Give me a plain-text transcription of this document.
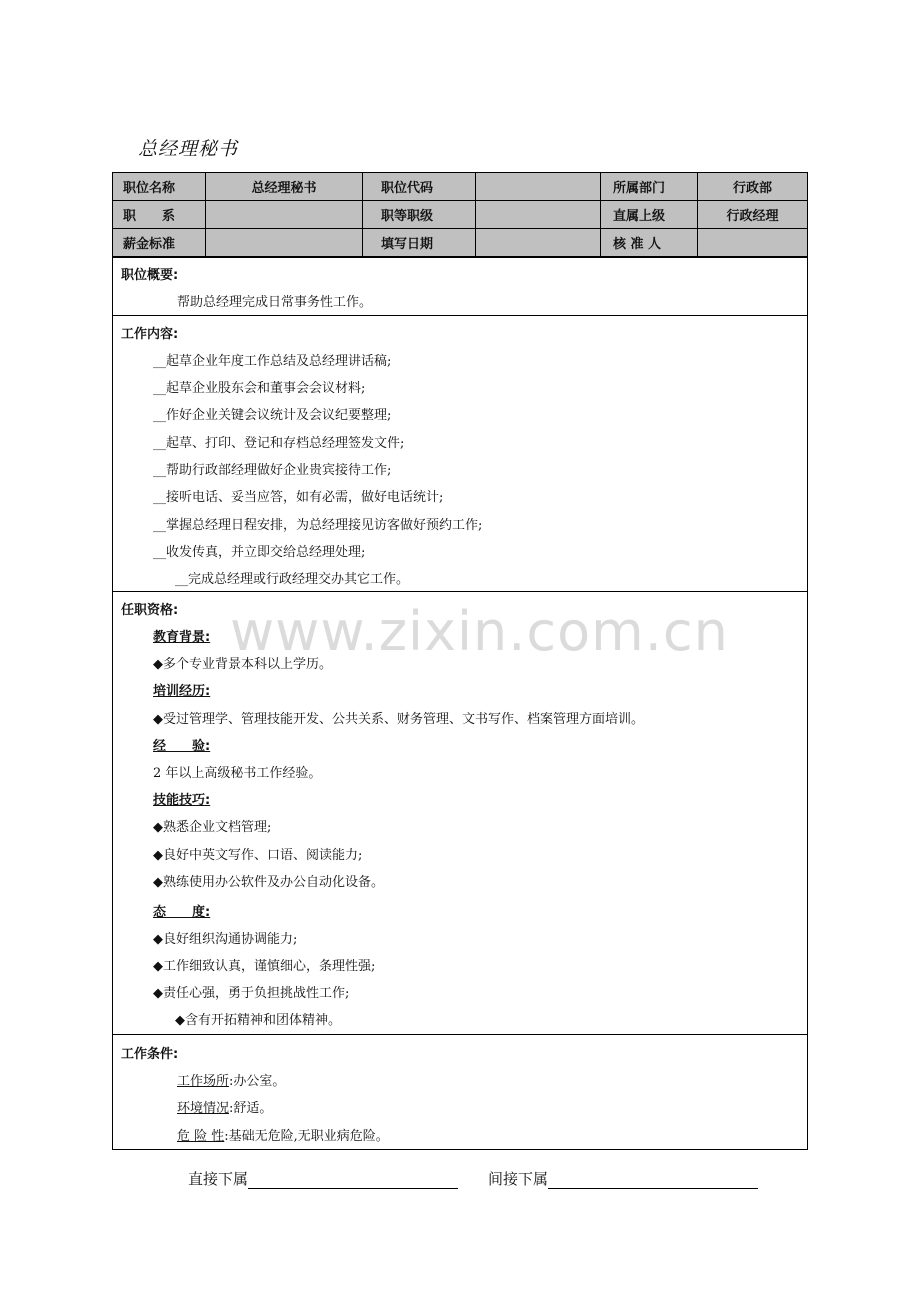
总经理秘书
职位名称	总经理秘书	职位代码		所属部门	行政部
职　　系		职等职级		直属上级	行政经理
薪金标准		填写日期		核 准 人	
职位概要:
帮助总经理完成日常事务性工作。
工作内容:
__起草企业年度工作总结及总经理讲话稿;
__起草企业股东会和董事会会议材料;
__作好企业关键会议统计及会议纪要整理;
__起草、打印、登记和存档总经理签发文件;
__帮助行政部经理做好企业贵宾接待工作;
__接听电话、妥当应答，如有必需，做好电话统计;
__掌握总经理日程安排，为总经理接见访客做好预约工作;
__收发传真，并立即交给总经理处理;
__完成总经理或行政经理交办其它工作。
任职资格:
教育背景:
◆多个专业背景本科以上学历。
培训经历:
◆受过管理学、管理技能开发、公共关系、财务管理、文书写作、档案管理方面培训。
经　　验:
2 年以上高级秘书工作经验。
技能技巧:
◆熟悉企业文档管理;
◆良好中英文写作、口语、阅读能力;
◆熟练使用办公软件及办公自动化设备。
态　　度:
◆良好组织沟通协调能力;
◆工作细致认真，谨慎细心，条理性强;
◆责任心强，勇于负担挑战性工作;
◆含有开拓精神和团体精神。
工作条件:
工作场所:办公室。
环境情况:舒适。
危 险 性:基础无危险,无职业病危险。
www.zixin.com.cn
直接下属	间接下属
